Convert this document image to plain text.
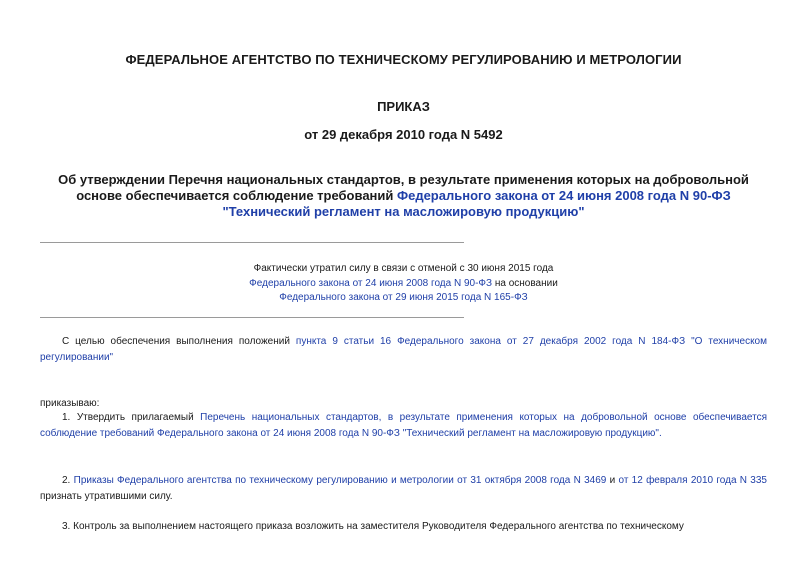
ФЕДЕРАЛЬНОЕ АГЕНТСТВО ПО ТЕХНИЧЕСКОМУ РЕГУЛИРОВАНИЮ И МЕТРОЛОГИИ
ПРИКАЗ
от 29 декабря 2010 года N 5492
Об утверждении Перечня национальных стандартов, в результате применения которых на добровольной
основе обеспечивается соблюдение требований Федерального закона от 24 июня 2008 года N 90-ФЗ
"Технический регламент на масложировую продукцию"
Фактически утратил силу в связи с отменой с 30 июня 2015 года
Федерального закона от 24 июня 2008 года N 90-ФЗ на основании
Федерального закона от 29 июня 2015 года N 165-ФЗ
С целью обеспечения выполнения положений пункта 9 статьи 16 Федерального закона от 27 декабря 2002 года N 184-ФЗ "О техническом регулировании"
приказываю:
1. Утвердить прилагаемый Перечень национальных стандартов, в результате применения которых на добровольной основе обеспечивается соблюдение требований Федерального закона от 24 июня 2008 года N 90-ФЗ "Технический регламент на масложировую продукцию".
2. Приказы Федерального агентства по техническому регулированию и метрологии от 31 октября 2008 года N 3469 и от 12 февраля 2010 года N 335 признать утратившими силу.
3. Контроль за выполнением настоящего приказа возложить на заместителя Руководителя Федерального агентства по техническому
